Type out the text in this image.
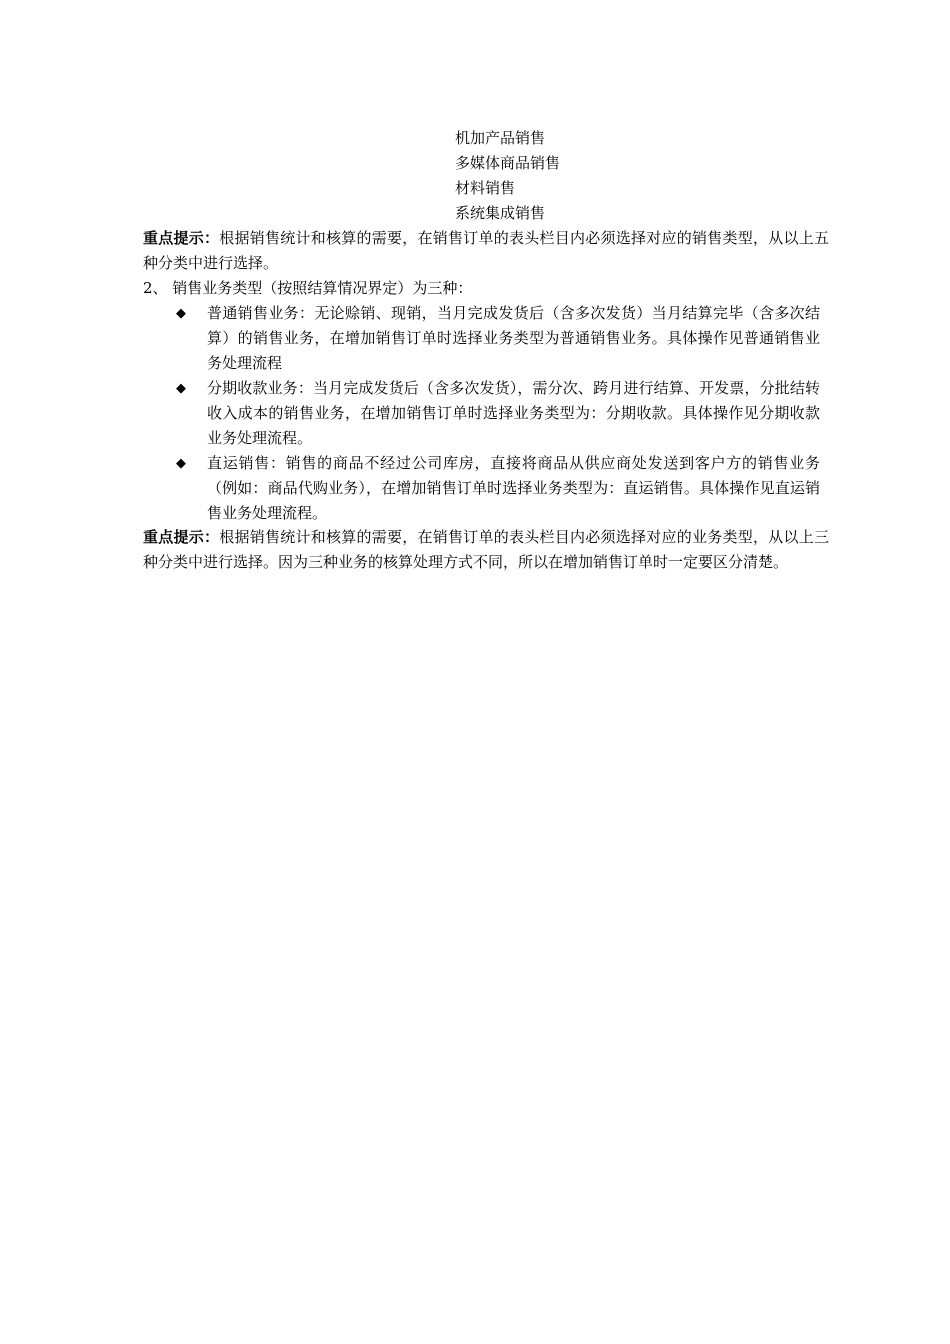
机加产品销售
多媒体商品销售
材料销售
系统集成销售
重点提示：根据销售统计和核算的需要，在销售订单的表头栏目内必须选择对应的销售类型，从以上五种分类中进行选择。
2、 销售业务类型（按照结算情况界定）为三种：
◆ 普通销售业务：无论赊销、现销，当月完成发货后（含多次发货）当月结算完毕（含多次结算）的销售业务，在增加销售订单时选择业务类型为普通销售业务。具体操作见普通销售业务处理流程
◆ 分期收款业务：当月完成发货后（含多次发货），需分次、跨月进行结算、开发票，分批结转收入成本的销售业务，在增加销售订单时选择业务类型为：分期收款。具体操作见分期收款业务处理流程。
◆ 直运销售：销售的商品不经过公司库房，直接将商品从供应商处发送到客户方的销售业务（例如：商品代购业务），在增加销售订单时选择业务类型为：直运销售。具体操作见直运销售业务处理流程。
重点提示：根据销售统计和核算的需要，在销售订单的表头栏目内必须选择对应的业务类型，从以上三种分类中进行选择。因为三种业务的核算处理方式不同，所以在增加销售订单时一定要区分清楚。
